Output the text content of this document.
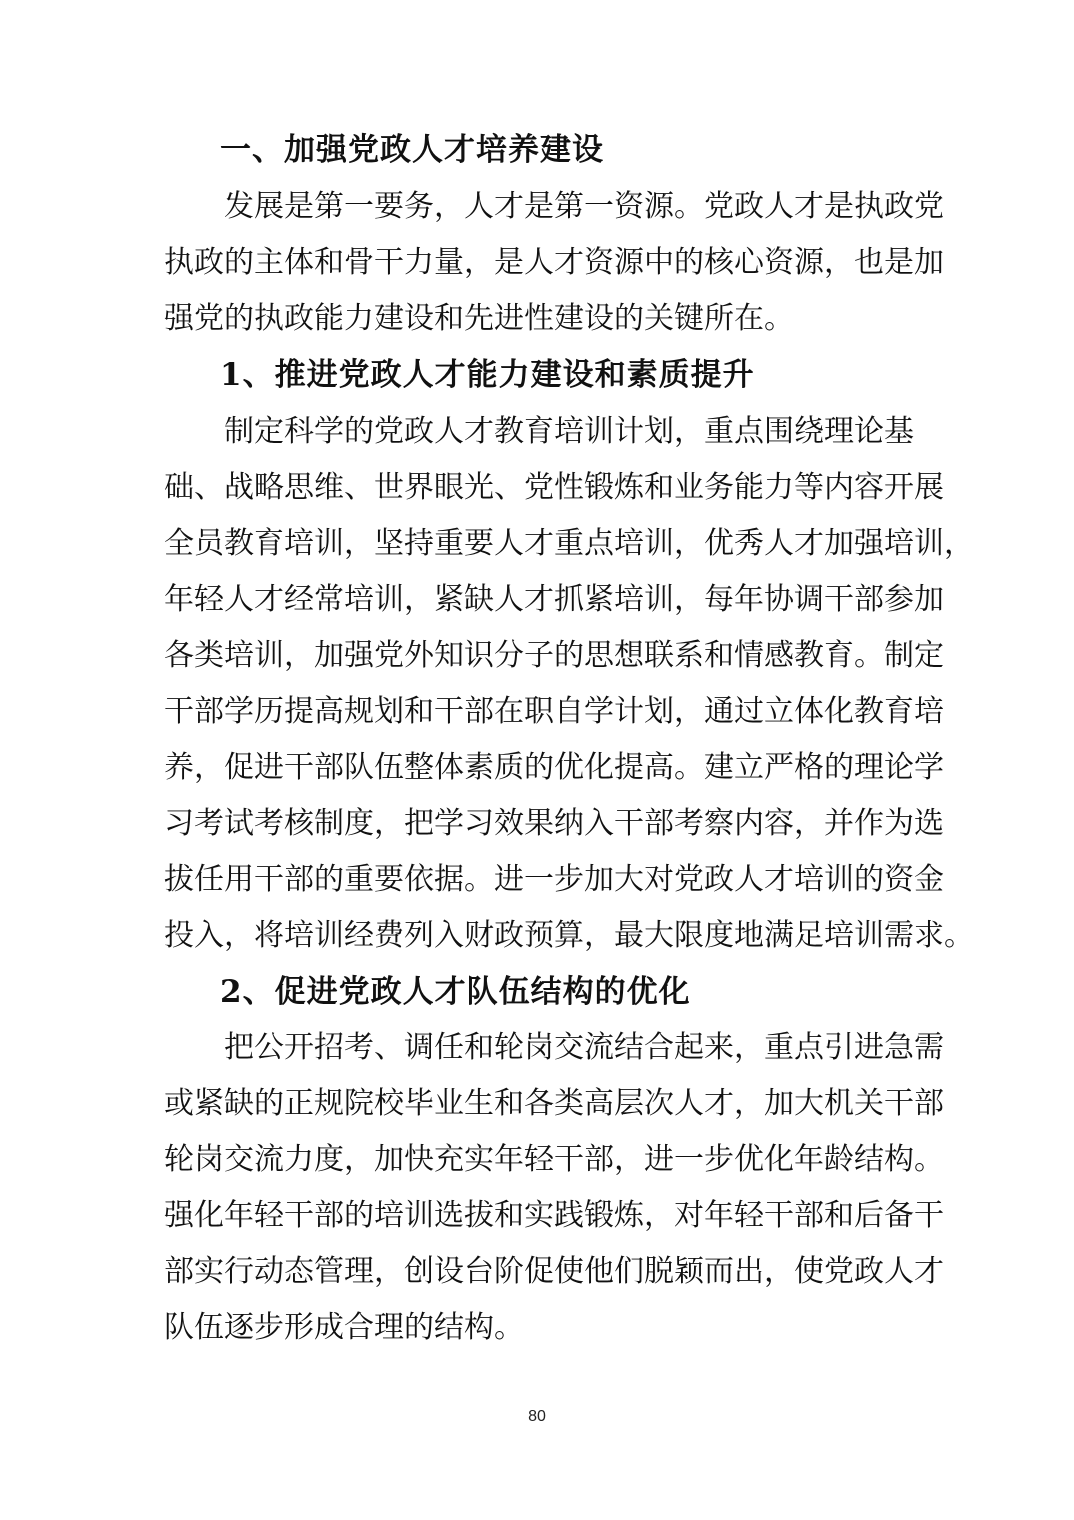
一、加强党政人才培养建设
发展是第一要务，人才是第一资源。党政人才是执政党
执政的主体和骨干力量，是人才资源中的核心资源，也是加
强党的执政能力建设和先进性建设的关键所在。
1、推进党政人才能力建设和素质提升
制定科学的党政人才教育培训计划，重点围绕理论基
础、战略思维、世界眼光、党性锻炼和业务能力等内容开展
全员教育培训，坚持重要人才重点培训，优秀人才加强培训，
年轻人才经常培训，紧缺人才抓紧培训，每年协调干部参加
各类培训，加强党外知识分子的思想联系和情感教育。制定
干部学历提高规划和干部在职自学计划，通过立体化教育培
养，促进干部队伍整体素质的优化提高。建立严格的理论学
习考试考核制度，把学习效果纳入干部考察内容，并作为选
拔任用干部的重要依据。进一步加大对党政人才培训的资金
投入，将培训经费列入财政预算，最大限度地满足培训需求。
2、促进党政人才队伍结构的优化
把公开招考、调任和轮岗交流结合起来，重点引进急需
或紧缺的正规院校毕业生和各类高层次人才，加大机关干部
轮岗交流力度，加快充实年轻干部，进一步优化年龄结构。
强化年轻干部的培训选拔和实践锻炼，对年轻干部和后备干
部实行动态管理，创设台阶促使他们脱颖而出，使党政人才
队伍逐步形成合理的结构。
80
